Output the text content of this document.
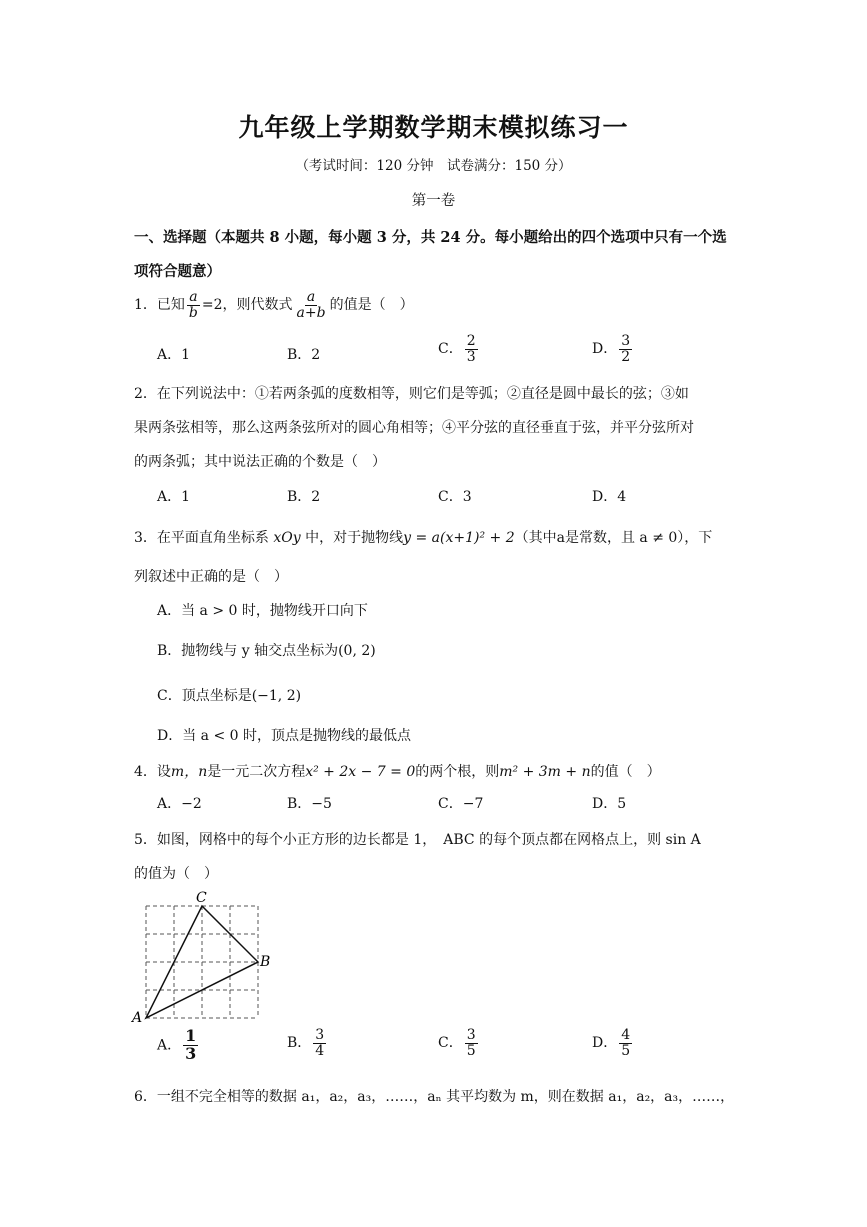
九年级上学期数学期末模拟练习一
（考试时间：120 分钟　试卷满分：150 分）
第一卷
一、选择题（本题共 8 小题，每小题 3 分，共 24 分。每小题给出的四个选项中只有一个选
项符合题意）
1．已知 $\frac{a}{b} =2$，则代数式 $\frac{a}{a+b}$ 的值是（　）
A．1	B．2	C． $\frac{2}{3}$	D． $\frac{3}{2}$
2．在下列说法中：①若两条弧的度数相等，则它们是等弧；②直径是圆中最长的弦；③如
果两条弦相等，那么这两条弦所对的圆心角相等；④平分弦的直径垂直于弦，并平分弦所对
的两条弧；其中说法正确的个数是（　）
A．1	B．2	C．3	D．4
3．在平面直角坐标系 xOy 中，对于抛物线y = a(x+1)² + 2（其中a是常数，且 a ≠ 0），下
列叙述中正确的是（　）
A．当 a > 0 时，抛物线开口向下
B．抛物线与 y 轴交点坐标为(0, 2)
C．顶点坐标是(−1, 2)
D．当 a < 0 时，顶点是抛物线的最低点
4．设m，n是一元二次方程x² + 2x − 7 = 0的两个根，则m² + 3m + n的值（　）
A．−2	B．−5	C．−7	D．5
5．如图，网格中的每个小正方形的边长都是 1，　ABC 的每个顶点都在网格点上，则 sin A
的值为（　）
A
C
B
A． $\frac{1}{3}$	B． $\frac{3}{4}$	C． $\frac{3}{5}$	D． $\frac{4}{5}$
6．一组不完全相等的数据 a₁，a₂，a₃，……，aₙ 其平均数为 m，则在数据 a₁，a₂，a₃，……，
